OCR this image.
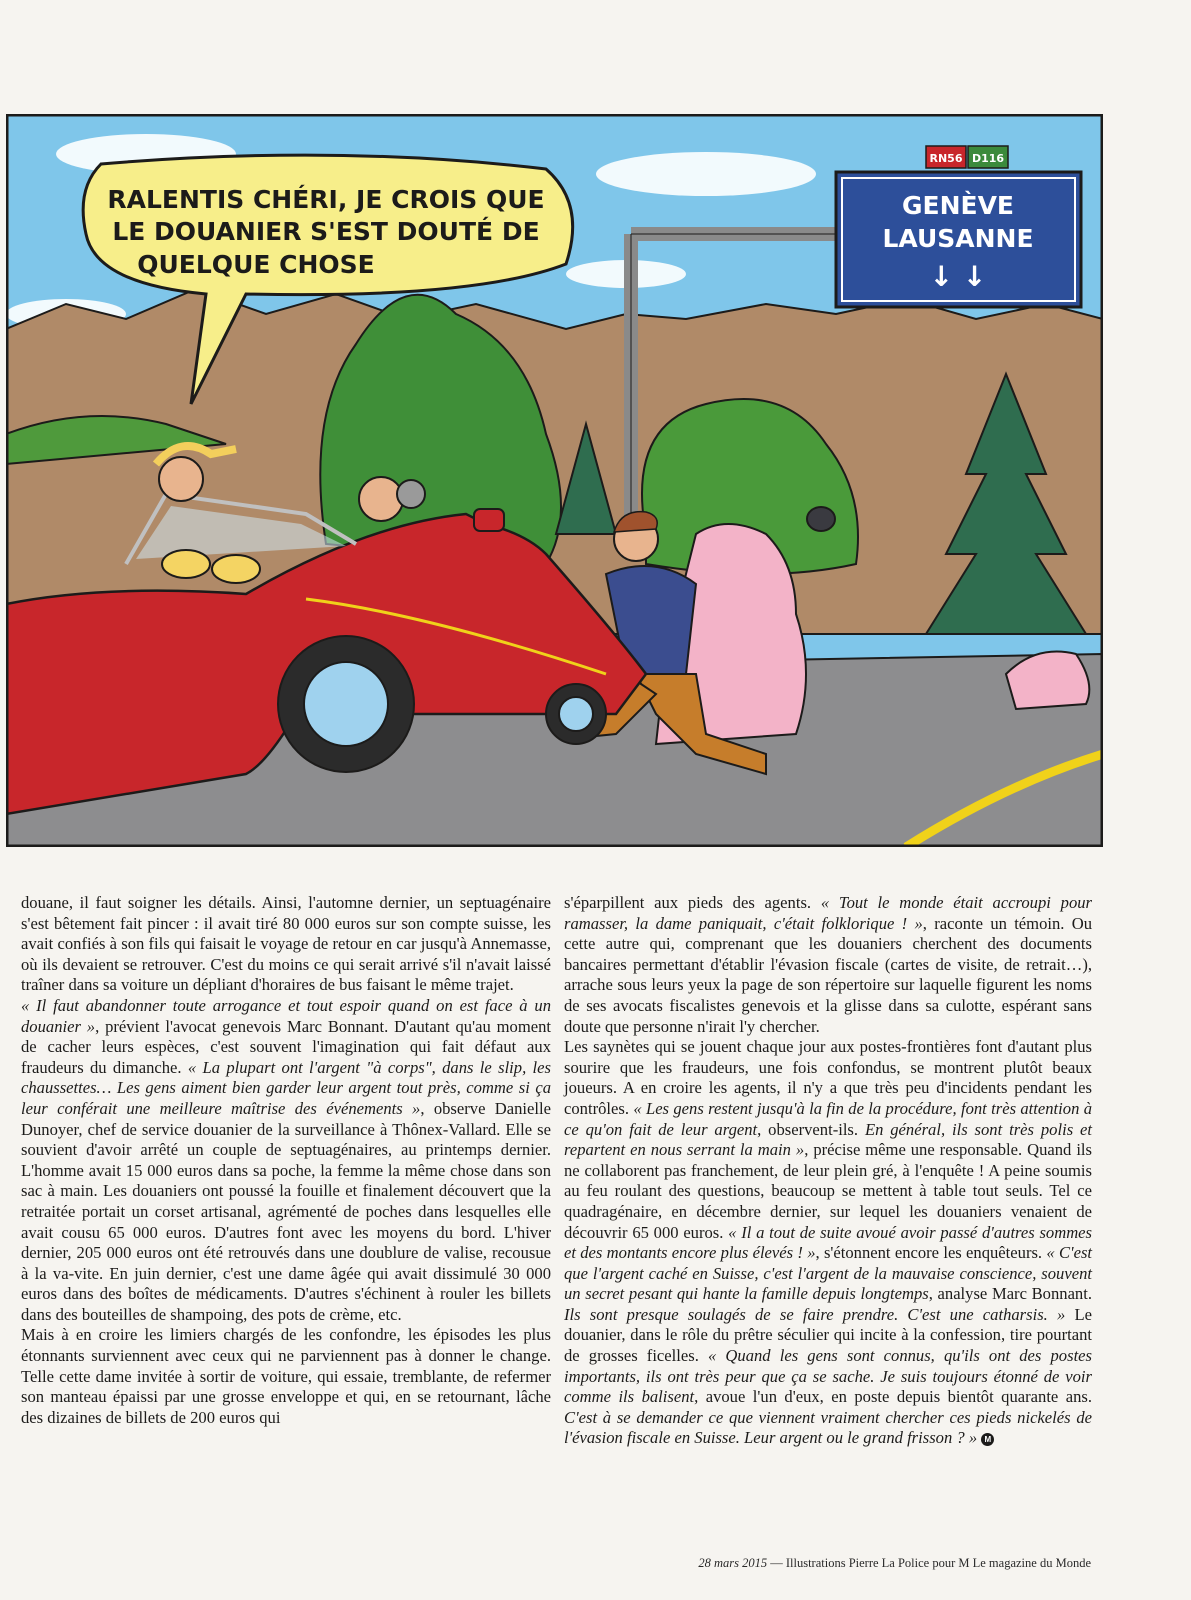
RALENTIS CHÉRI, JE CROIS QUE
LE DOUANIER S'EST DOUTÉ DE
QUELQUE CHOSE
RN56 D116
GENÈVE
LAUSANNE
↓ ↓

douane, il faut soigner les détails. Ainsi, l'automne dernier, un septuagénaire s'est bêtement fait pincer : il avait tiré 80 000 euros sur son compte suisse, les avait confiés à son fils qui faisait le voyage de retour en car jusqu'à Annemasse, où ils devaient se retrouver. C'est du moins ce qui serait arrivé s'il n'avait laissé traîner dans sa voiture un dépliant d'horaires de bus faisant le même trajet.

« Il faut abandonner toute arrogance et tout espoir quand on est face à un douanier », prévient l'avocat genevois Marc Bonnant. D'autant qu'au moment de cacher leurs espèces, c'est souvent l'imagination qui fait défaut aux fraudeurs du dimanche. « La plupart ont l'argent "à corps", dans le slip, les chaussettes… Les gens aiment bien garder leur argent tout près, comme si ça leur conférait une meilleure maîtrise des événements », observe Danielle Dunoyer, chef de service douanier de la surveillance à Thônex-Vallard. Elle se souvient d'avoir arrêté un couple de septuagénaires, au printemps dernier. L'homme avait 15 000 euros dans sa poche, la femme la même chose dans son sac à main. Les douaniers ont poussé la fouille et finalement découvert que la retraitée portait un corset artisanal, agrémenté de poches dans lesquelles elle avait cousu 65 000 euros. D'autres font avec les moyens du bord. L'hiver dernier, 205 000 euros ont été retrouvés dans une doublure de valise, recousue à la va-vite. En juin dernier, c'est une dame âgée qui avait dissimulé 30 000 euros dans des boîtes de médicaments. D'autres s'échinent à rouler les billets dans des bouteilles de shampoing, des pots de crème, etc.

Mais à en croire les limiers chargés de les confondre, les épisodes les plus étonnants surviennent avec ceux qui ne parviennent pas à donner le change. Telle cette dame invitée à sortir de voiture, qui essaie, tremblante, de refermer son manteau épaissi par une grosse enveloppe et qui, en se retournant, lâche des dizaines de billets de 200 euros qui

s'éparpillent aux pieds des agents. « Tout le monde était accroupi pour ramasser, la dame paniquait, c'était folklorique ! », raconte un témoin. Ou cette autre qui, comprenant que les douaniers cherchent des documents bancaires permettant d'établir l'évasion fiscale (cartes de visite, de retrait…), arrache sous leurs yeux la page de son répertoire sur laquelle figurent les noms de ses avocats fiscalistes genevois et la glisse dans sa culotte, espérant sans doute que personne n'irait l'y chercher.

Les saynètes qui se jouent chaque jour aux postes-frontières font d'autant plus sourire que les fraudeurs, une fois confondus, se montrent plutôt beaux joueurs. A en croire les agents, il n'y a que très peu d'incidents pendant les contrôles. « Les gens restent jusqu'à la fin de la procédure, font très attention à ce qu'on fait de leur argent, observent-ils. En général, ils sont très polis et repartent en nous serrant la main », précise même une responsable. Quand ils ne collaborent pas franchement, de leur plein gré, à l'enquête ! A peine soumis au feu roulant des questions, beaucoup se mettent à table tout seuls. Tel ce quadragénaire, en décembre dernier, sur lequel les douaniers venaient de découvrir 65 000 euros. « Il a tout de suite avoué avoir passé d'autres sommes et des montants encore plus élevés ! », s'étonnent encore les enquêteurs. « C'est que l'argent caché en Suisse, c'est l'argent de la mauvaise conscience, souvent un secret pesant qui hante la famille depuis longtemps, analyse Marc Bonnant. Ils sont presque soulagés de se faire prendre. C'est une catharsis. » Le douanier, dans le rôle du prêtre séculier qui incite à la confession, tire pourtant de grosses ficelles. « Quand les gens sont connus, qu'ils ont des postes importants, ils ont très peur que ça se sache. Je suis toujours étonné de voir comme ils balisent, avoue l'un d'eux, en poste depuis bientôt quarante ans. C'est à se demander ce que viennent vraiment chercher ces pieds nickelés de l'évasion fiscale en Suisse. Leur argent ou le grand frisson ? » M

28 mars 2015 — Illustrations Pierre La Police pour M Le magazine du Monde
